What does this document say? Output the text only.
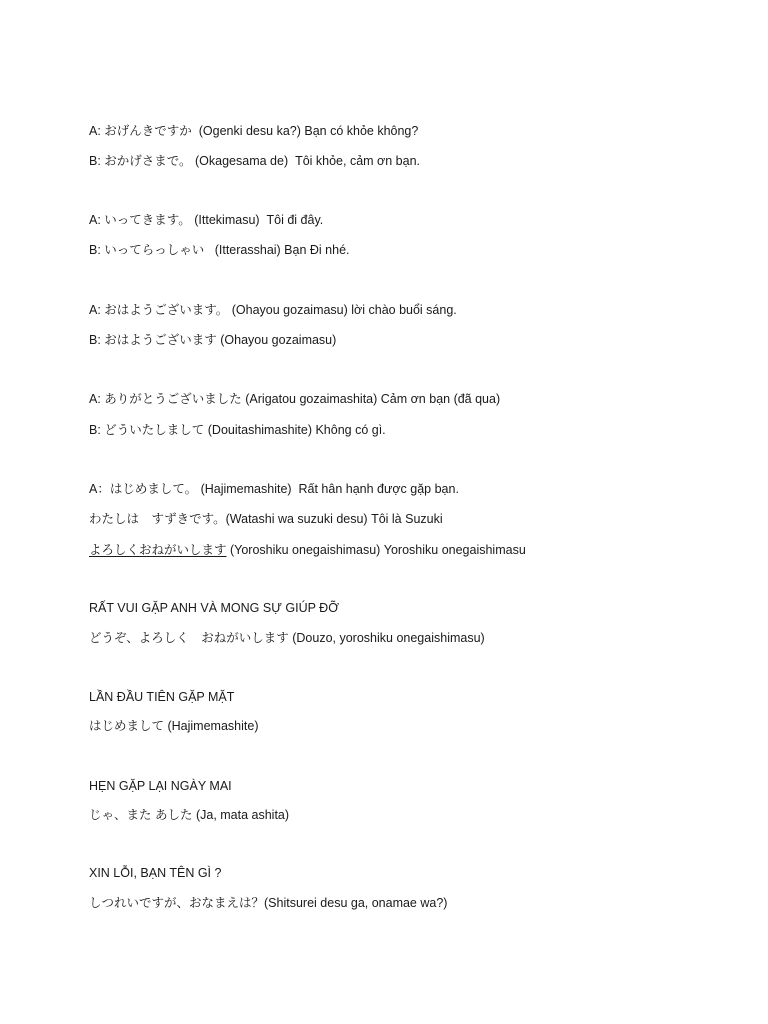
A: おげんきですか  (Ogenki desu ka?) Bạn có khỏe không?
B: おかげさまで。 (Okagesama de)  Tôi khỏe, cảm ơn bạn.
A: いってきます。 (Ittekimasu)  Tôi đi đây.
B: いってらっしゃい   (Itterasshai) Bạn Đi nhé.
A: おはようございます。 (Ohayou gozaimasu) lời chào buổi sáng.
B: おはようございます (Ohayou gozaimasu)
A: ありがとうございました (Arigatou gozaimashita) Cảm ơn bạn (đã qua)
B: どういたしまして (Douitashimashite) Không có gì.
A：はじめまして。 (Hajimemashite)  Rất hân hạnh được gặp bạn.
わたしは　すずきです。(Watashi wa suzuki desu) Tôi là Suzuki
よろしくおねがいします (Yoroshiku onegaishimasu) Yoroshiku onegaishimasu
RẤT VUI GẶP ANH VÀ MONG SỰ GIÚP ĐỠ
どうぞ、よろしく　おねがいします (Douzo, yoroshiku onegaishimasu)
LẦN ĐẦU TIÊN GẶP MẶT
はじめまして (Hajimemashite)
HẸN GẶP LẠI NGÀY MAI
じゃ、また あした (Ja, mata ashita)
XIN LỖI, BẠN TÊN GÌ ?
しつれいですが、おなまえは？(Shitsurei desu ga, onamae wa?)
